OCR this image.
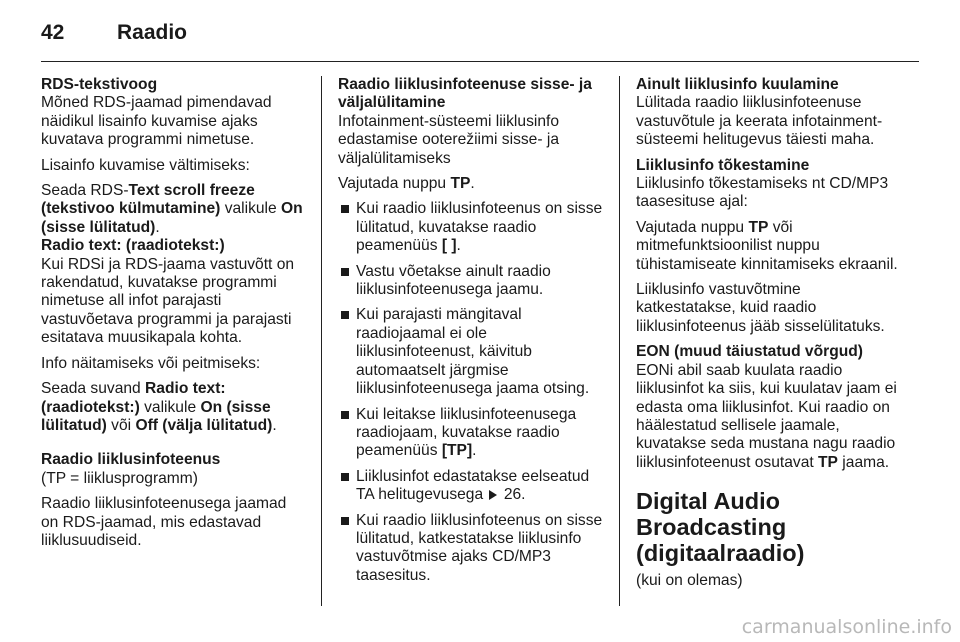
42	Raadio

RDS-tekstivoog
Mõned RDS-jaamad pimendavad näidikul lisainfo kuvamise ajaks kuvatava programmi nimetuse.

Lisainfo kuvamise vältimiseks:

Seada RDS-Text scroll freeze (tekstivoo külmutamine) valikule On (sisse lülitatud).

Radio text: (raadiotekst:)
Kui RDSi ja RDS-jaama vastuvõtt on rakendatud, kuvatakse programmi nimetuse all infot parajasti vastuvõetava programmi ja parajasti esitatava muusikapala kohta.

Info näitamiseks või peitmiseks:

Seada suvand Radio text: (raadiotekst:) valikule On (sisse lülitatud) või Off (välja lülitatud).

Raadio liiklusinfoteenus
(TP = liiklusprogramm)

Raadio liiklusinfoteenusega jaamad on RDS-jaamad, mis edastavad liiklusuudiseid.

Raadio liiklusinfoteenuse sisse- ja väljalülitamine
Infotainment-süsteemi liiklusinfo edastamise ooterežiimi sisse- ja väljalülitamiseks

Vajutada nuppu TP.

Kui raadio liiklusinfoteenus on sisse lülitatud, kuvatakse raadio peamenüüs [ ].
Vastu võetakse ainult raadio liiklusinfoteenusega jaamu.
Kui parajasti mängitaval raadiojaamal ei ole liiklusinfoteenust, käivitub automaatselt järgmise liiklusinfoteenusega jaama otsing.
Kui leitakse liiklusinfoteenusega raadiojaam, kuvatakse raadio peamenüüs [TP].
Liiklusinfot edastatakse eelseatud TA helitugevusega  26.
Kui raadio liiklusinfoteenus on sisse lülitatud, katkestatakse liiklusinfo vastuvõtmise ajaks CD/MP3 taasesitus.

Ainult liiklusinfo kuulamine
Lülitada raadio liiklusinfoteenuse vastuvõtule ja keerata infotainment-süsteemi helitugevus täiesti maha.

Liiklusinfo tõkestamine
Liiklusinfo tõkestamiseks nt CD/MP3 taasesituse ajal:

Vajutada nuppu TP või mitmefunktsioonilist nuppu tühistamiseate kinnitamiseks ekraanil.

Liiklusinfo vastuvõtmine katkestatakse, kuid raadio liiklusinfoteenus jääb sisselülitatuks.

EON (muud täiustatud võrgud)
EONi abil saab kuulata raadio liiklusinfot ka siis, kui kuulatav jaam ei edasta oma liiklusinfot. Kui raadio on häälestatud sellisele jaamale, kuvatakse seda mustana nagu raadio liiklusinfoteenust osutavat TP jaama.

Digital Audio Broadcasting (digitaalraadio)

(kui on olemas)

carmanualsonline.info
